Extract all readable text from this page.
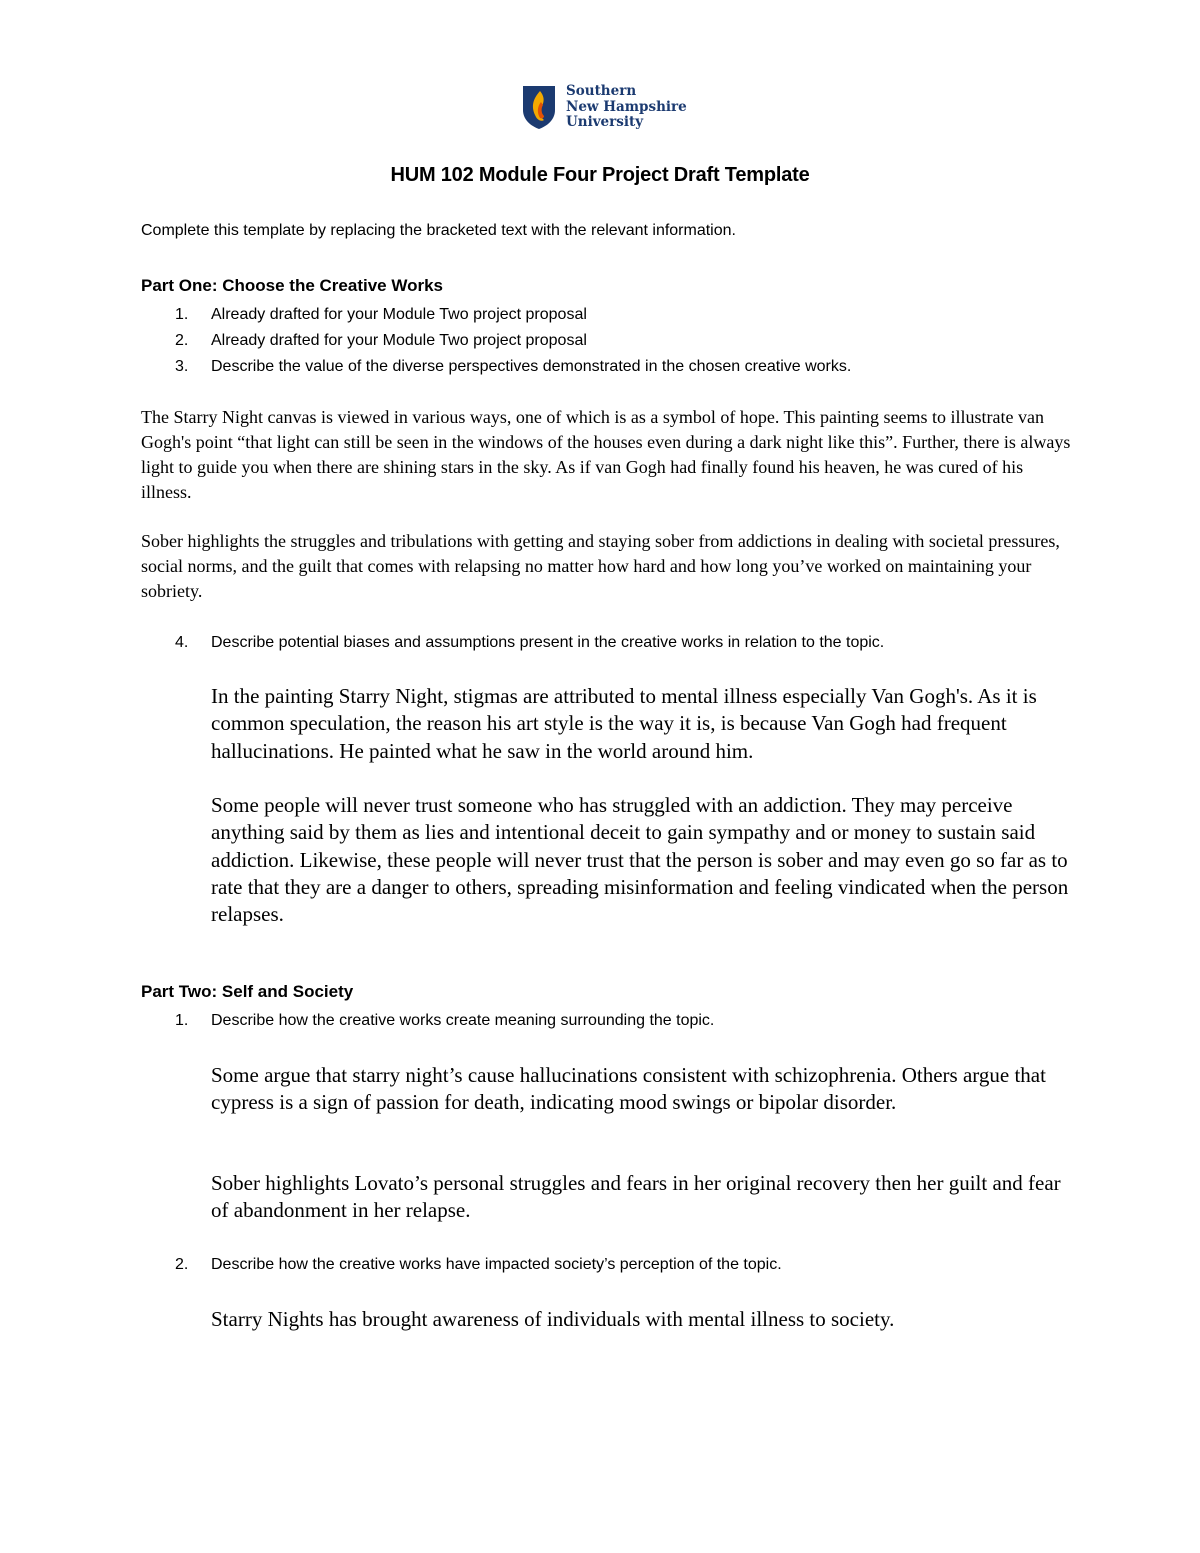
Southern
New Hampshire
University
HUM 102 Module Four Project Draft Template
Complete this template by replacing the bracketed text with the relevant information.
Part One: Choose the Creative Works
1.	Already drafted for your Module Two project proposal
2.	Already drafted for your Module Two project proposal
3.	Describe the value of the diverse perspectives demonstrated in the chosen creative works.
The Starry Night canvas is viewed in various ways, one of which is as a symbol of hope. This painting seems to illustrate van Gogh's point “that light can still be seen in the windows of the houses even during a dark night like this”. Further, there is always light to guide you when there are shining stars in the sky. As if van Gogh had finally found his heaven, he was cured of his illness.
Sober highlights the struggles and tribulations with getting and staying sober from addictions in dealing with societal pressures, social norms, and the guilt that comes with relapsing no matter how hard and how long you’ve worked on maintaining your sobriety.
4.	Describe potential biases and assumptions present in the creative works in relation to the topic.
In the painting Starry Night, stigmas are attributed to mental illness especially Van Gogh's. As it is common speculation, the reason his art style is the way it is, is because Van Gogh had frequent hallucinations. He painted what he saw in the world around him.
Some people will never trust someone who has struggled with an addiction. They may perceive anything said by them as lies and intentional deceit to gain sympathy and or money to sustain said addiction. Likewise, these people will never trust that the person is sober and may even go so far as to rate that they are a danger to others, spreading misinformation and feeling vindicated when the person relapses.
Part Two: Self and Society
1.	Describe how the creative works create meaning surrounding the topic.
Some argue that starry night’s cause hallucinations consistent with schizophrenia. Others argue that cypress is a sign of passion for death, indicating mood swings or bipolar disorder.
Sober highlights Lovato’s personal struggles and fears in her original recovery then her guilt and fear of abandonment in her relapse.
2.	Describe how the creative works have impacted society’s perception of the topic.
Starry Nights has brought awareness of individuals with mental illness to society.
